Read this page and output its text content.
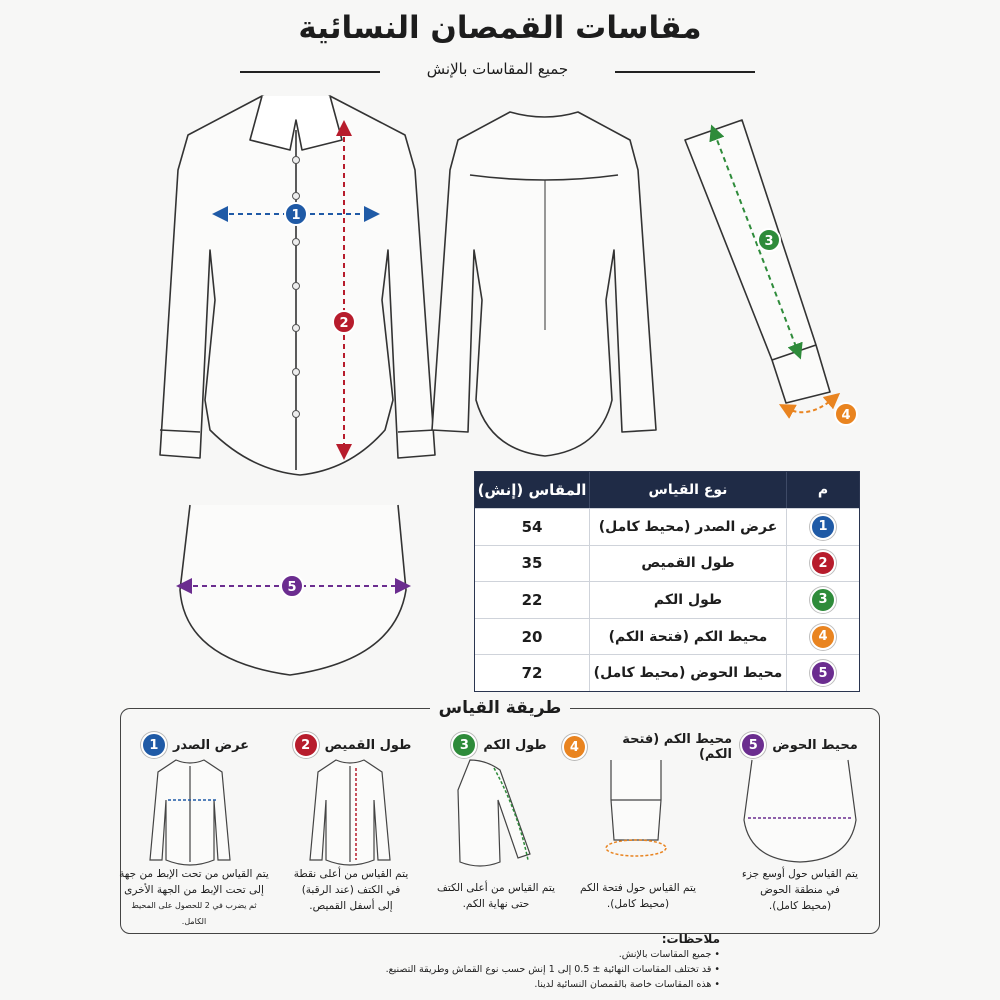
مقاسات القمصان النسائية
جميع المقاسات بالإنش
1
2
3
4
5
م
نوع القياس
المقاس (إنش)
1
عرض الصدر (محيط كامل)
54
2
طول القميص
35
3
طول الكم
22
4
محيط الكم (فتحة الكم)
20
5
محيط الحوض (محيط كامل)
72
طريقة القياس
عرض الصدر
1	طول القميص
2	طول الكم
3	محيط الكم (فتحة الكم)
4	محيط الحوض
5
يتم القياس من تحت الإبط من جهة
إلى تحت الإبط من الجهة الأخرى
ثم يضرب في 2 للحصول على المحيط الكامل.
يتم القياس من أعلى نقطة
في الكتف (عند الرقبة)
إلى أسفل القميص.
يتم القياس من أعلى الكتف
حتى نهاية الكم.
يتم القياس حول فتحة الكم
(محيط كامل).
يتم القياس حول أوسع جزء
في منطقة الحوض
(محيط كامل).
ملاحظات:
• جميع المقاسات بالإنش.
• قد تختلف المقاسات النهائية ± 0.5 إلى 1 إنش حسب نوع القماش وطريقة التصنيع.
• هذه المقاسات خاصة بالقمصان النسائية لدينا.
